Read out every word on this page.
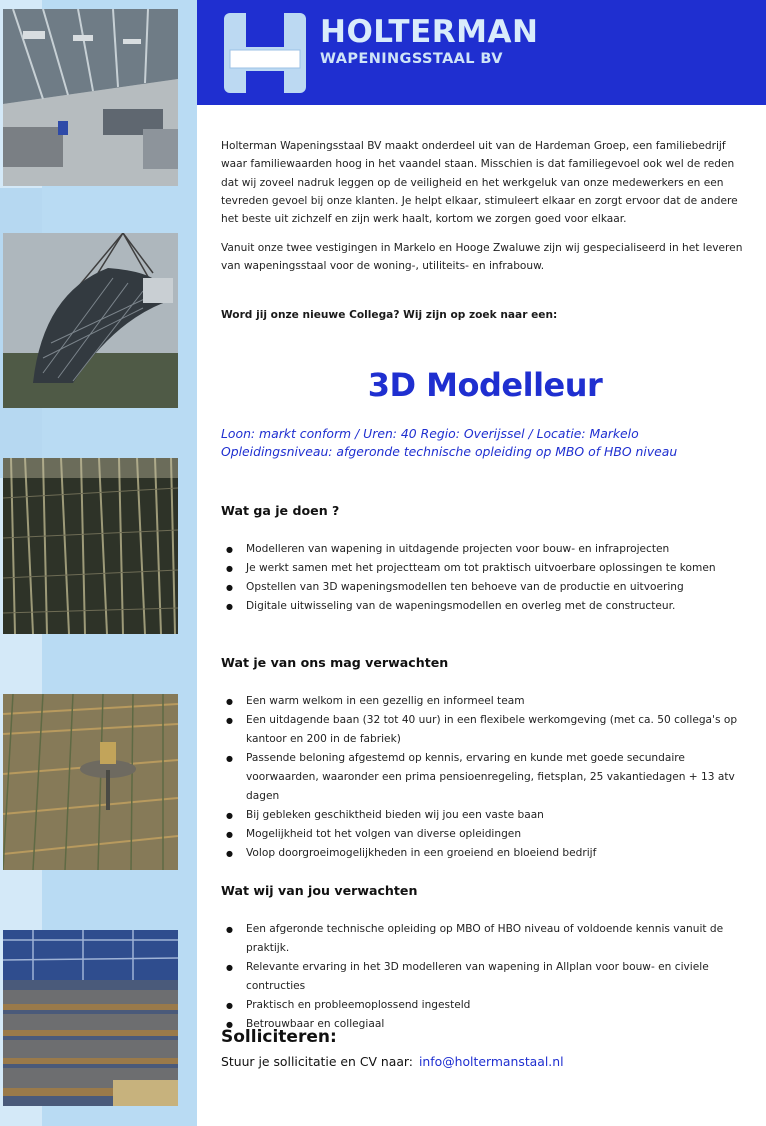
HOLTERMAN
WAPENINGSSTAAL BV

Holterman Wapeningsstaal BV maakt onderdeel uit van de Hardeman Groep, een familiebedrijf waar familiewaarden hoog in het vaandel staan. Misschien is dat familiegevoel ook wel de reden dat wij zoveel nadruk leggen op de veiligheid en het werkgeluk van onze medewerkers en een tevreden gevoel bij onze klanten. Je helpt elkaar, stimuleert elkaar en zorgt ervoor dat de andere het beste uit zichzelf en zijn werk haalt, kortom we zorgen goed voor elkaar.

Vanuit onze twee vestigingen in Markelo en Hooge Zwaluwe zijn wij gespecialiseerd in het leveren van wapeningsstaal voor de woning-, utiliteits- en infrabouw.

Word jij onze nieuwe Collega? Wij zijn op zoek naar een:

3D Modelleur

Loon: markt conform / Uren: 40 Regio: Overijssel / Locatie: Markelo Opleidingsniveau: afgeronde technische opleiding op MBO of HBO niveau

Wat ga je doen ?
● Modelleren van wapening in uitdagende projecten voor bouw- en infraprojecten
● Je werkt samen met het projectteam om tot praktisch uitvoerbare oplossingen te komen
● Opstellen van 3D wapeningsmodellen ten behoeve van de productie en uitvoering
● Digitale uitwisseling van de wapeningsmodellen en overleg met de constructeur.
Wat je van ons mag verwachten
● Een warm welkom in een gezellig en informeel team
● Een uitdagende baan (32 tot 40 uur) in een flexibele werkomgeving (met ca. 50 collega's op kantoor en 200 in de fabriek)
● Passende beloning afgestemd op kennis, ervaring en kunde met goede secundaire voorwaarden, waaronder een prima pensioenregeling, fietsplan, 25 vakantiedagen + 13 atv dagen
● Bij gebleken geschiktheid bieden wij jou een vaste baan
● Mogelijkheid tot het volgen van diverse opleidingen
● Volop doorgroeimogelijkheden in een groeiend en bloeiend bedrijf
Wat wij van jou verwachten
● Een afgeronde technische opleiding op MBO of HBO niveau of voldoende kennis vanuit de praktijk.
● Relevante ervaring in het 3D modelleren van wapening in Allplan voor bouw- en civiele contructies
● Praktisch en probleemoplossend ingesteld
● Betrouwbaar en collegiaal
Solliciteren:

Stuur je sollicitatie en CV naar: info@holtermanstaal.nl
